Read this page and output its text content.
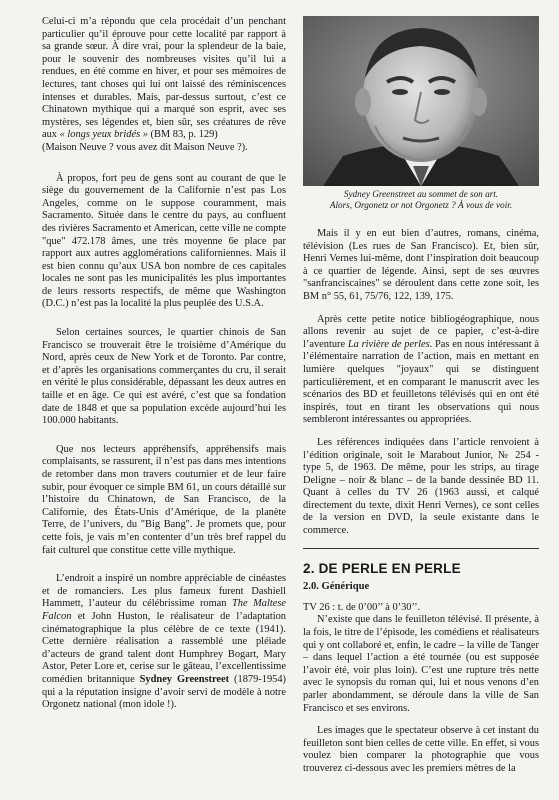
Celui-ci m’a répondu que cela procédait d’un penchant particulier qu’il éprouve pour cette localité par rapport à sa grande sœur. À dire vrai, pour la splendeur de la baie, pour le souvenir des nombreuses visites qu’il lui a rendues, en été comme en hiver, et pour ses mémoires de lectures, tant choses qui lui ont laissé des réminiscences intenses et durables. Mais, par-dessus surtout, c’est ce Chinatown mythique qui a marqué son esprit, avec ses mystères, ses légendes et, bien sûr, ses créatures de rêve aux « longs yeux bridés » (BM 83, p. 129)

(Maison Neuve ? vous avez dit Maison Neuve ?).

À propos, fort peu de gens sont au courant de que le siège du gouvernement de la Californie n’est pas Los Angeles, comme on le suppose couramment, mais Sacramento. Située dans le centre du pays, au confluent des rivières Sacramento et American, cette ville ne compte "que" 472.178 âmes, une très moyenne 6e place par rapport aux autres agglomérations californiennes. Mais il est bien connu qu’aux USA bon nombre de ces capitales locales ne sont pas les municipalités les plus importantes de leurs ressorts respectifs, de même que Washington (D.C.) n’est pas la localité la plus peuplée des U.S.A.

Selon certaines sources, le quartier chinois de San Francisco se trouverait être le troisième d’Amérique du Nord, après ceux de New York et de Toronto. Par contre, et d’après les organisations commerçantes du cru, il serait en vérité le plus considérable, dépassant les deux autres en taille et en âge. Ce qui est avéré, c’est que sa fondation date de 1848 et que sa population excède aujourd’hui les 100.000 habitants.

Que nos lecteurs appréhensifs, appréhensifs mais complaisants, se rassurent, il n’est pas dans mes intentions de retomber dans mon travers coutumier et de leur faire subir, pour évoquer ce simple BM 61, un cours détaillé sur l’histoire du Chinatown, de San Francisco, de la Californie, des États-Unis d’Amérique, de la planète Terre, de l’univers, du "Big Bang". Je promets que, pour cette fois, je vais m’en contenter d’un très bref rappel du fait culturel que constitue cette ville mythique.

L’endroit a inspiré un nombre appréciable de cinéastes et de romanciers. Les plus fameux furent Dashiell Hammett, l’auteur du célébrissime roman The Maltese Falcon et John Huston, le réalisateur de l’adaptation cinématographique la plus célèbre de ce texte (1941). Cette dernière réalisation a rassemblé une pléiade d’acteurs de grand talent dont Humphrey Bogart, Mary Astor, Peter Lore et, cerise sur le gâteau, l’excellentissime comédien britannique Sydney Greenstreet (1879-1954) qui a la réputation insigne d’avoir servi de modèle à notre Orgonetz national (mon idole !).

Sydney Greenstreet au sommet de son art.
Alors, Orgonetz or not Orgonetz ? À vous de voir.

Mais il y en eut bien d’autres, romans, cinéma, télévision (Les rues de San Francisco). Et, bien sûr, Henri Vernes lui-même, dont l’inspiration doit beaucoup à ce quartier de légende. Ainsi, sept de ses œuvres "sanfranciscaines" se déroulent dans cette zone soit, les BM n° 55, 61, 75/76, 122, 139, 175.

Après cette petite notice bibliogéographique, nous allons revenir au sujet de ce papier, c’est-à-dire l’aventure La rivière de perles. Pas en nous intéressant à l’élémentaire narration de l’action, mais en mettant en lumière quelques "joyaux" qui se distinguent particulièrement, et en comparant le manuscrit avec les scénarios des BD et feuilletons télévisés qui en ont été inspirés, tout en tirant les observations qui nous sembleront intéressantes ou appropriées.

Les références indiquées dans l’article renvoient à l’édition originale, soit le Marabout Junior, № 254 - type 5, de 1963. De même, pour les strips, au tirage Deligne – noir & blanc – de la bande dessinée BD 11. Quant à celles du TV 26 (1963 aussi, et calqué directement du texte, dixit Henri Vernes), ce sont celles de la version en DVD, la seule existante dans le commerce.

2. DE PERLE EN PERLE
2.0. Générique

TV 26 : t. de 0’00’’ à 0’30’’.

N’existe que dans le feuilleton télévisé. Il présente, à la fois, le titre de l’épisode, les comédiens et réalisateurs qui y ont collaboré et, enfin, le cadre – la ville de Tanger – dans lequel l’action a été tournée (ou est supposée l’avoir été, voir plus loin). C’est une rupture très nette avec le synopsis du roman qui, lui et nous venons d’en parler abondamment, se déroule dans la ville de San Francisco et ses environs.

Les images que le spectateur observe à cet instant du feuilleton sont bien celles de cette ville. En effet, si vous voulez bien comparer la photographie que vous trouverez ci-dessous avec les premiers mètres de la
